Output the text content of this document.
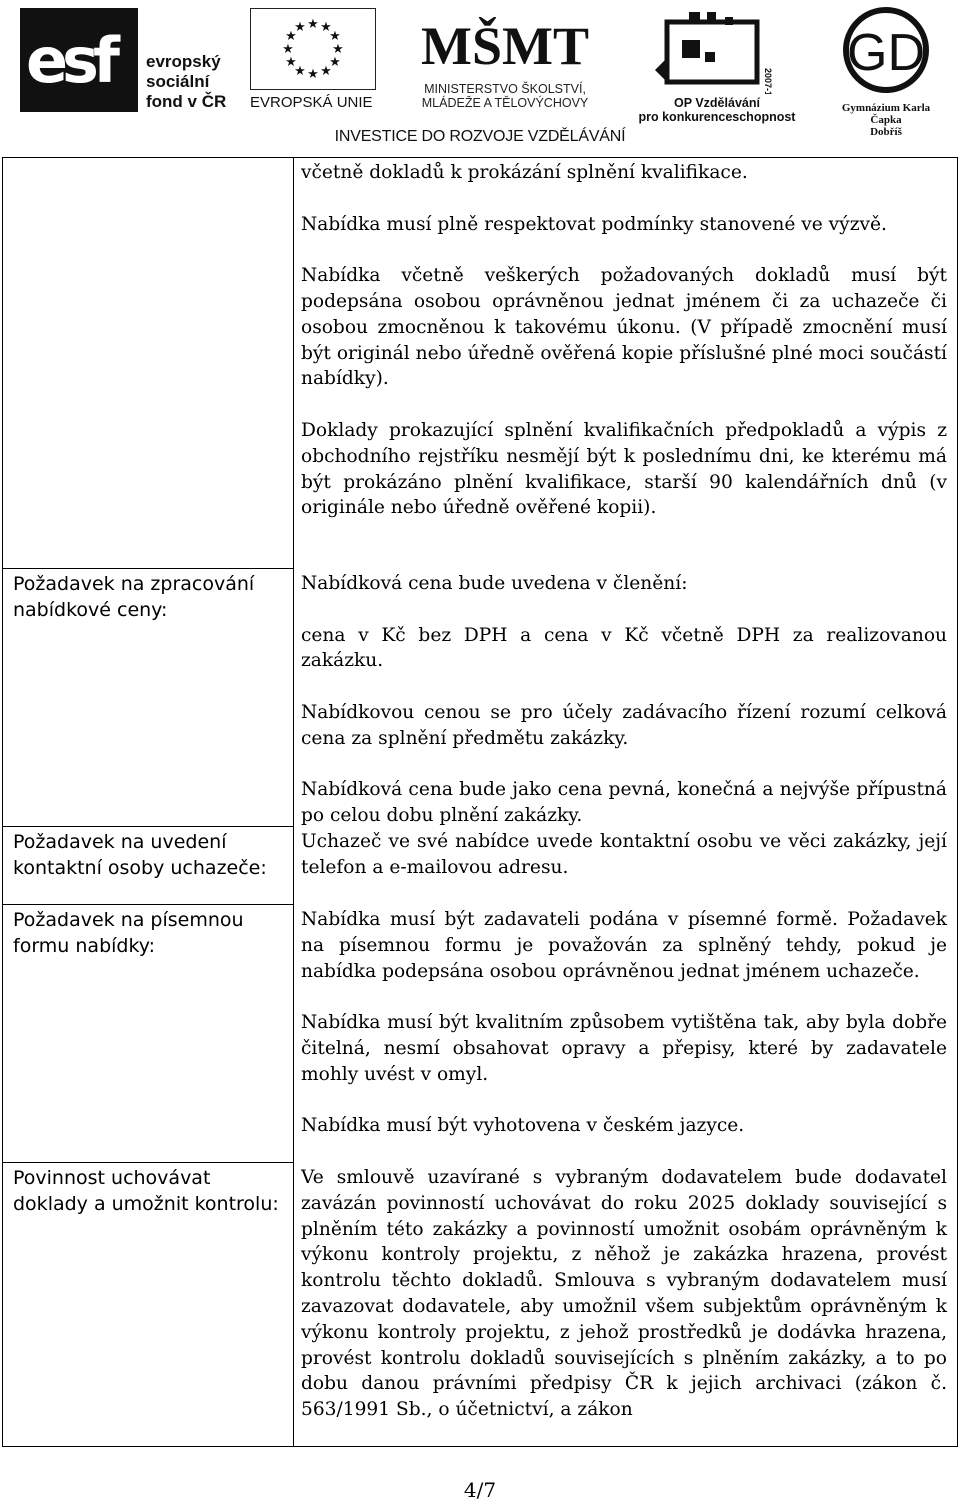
esf evropský
sociální
fond v ČR
★ ★
★
★
★
★
★
★
★
★
★
★
EVROPSKÁ UNIE
MŠMT
MINISTERSTVO ŠKOLSTVÍ,
MLÁDEŽE A TĚLOVÝCHOVY
2007-13
OP Vzdělávání
pro konkurenceschopnost
GD
Gymnázium Karla Čapka
Dobříš
INVESTICE DO ROZVOJE VZDĚLÁVÁNÍ

včetně dokladů k prokázání splnění kvalifikace.

Nabídka musí plně respektovat podmínky stanovené ve výzvě.

Nabídka včetně veškerých požadovaných dokladů musí být podepsána osobou oprávněnou jednat jménem či za uchazeče či osobou zmocněnou k takovému úkonu. (V případě zmocnění musí být originál nebo úředně ověřená kopie příslušné plné moci součástí nabídky).

Doklady prokazující splnění kvalifikačních předpokladů a výpis z obchodního rejstříku nesmějí být k poslednímu dni, ke kterému má být prokázáno plnění kvalifikace, starší 90 kalendářních dnů (v originále nebo úředně ověřené kopii).

Požadavek na zpracování nabídkové ceny:

Nabídková cena bude uvedena v členění:

cena v Kč bez DPH a cena v Kč včetně DPH za realizovanou zakázku.

Nabídkovou cenou se pro účely zadávacího řízení rozumí celková cena za splnění předmětu zakázky.

Nabídková cena bude jako cena pevná, konečná a nejvýše přípustná po celou dobu plnění zakázky.

Požadavek na uvedení kontaktní osoby uchazeče:

Uchazeč ve své nabídce uvede kontaktní osobu ve věci zakázky, její telefon a e-mailovou adresu.

Požadavek na písemnou formu nabídky:

Nabídka musí být zadavateli podána v písemné formě. Požadavek na písemnou formu je považován za splněný tehdy, pokud je nabídka podepsána osobou oprávněnou jednat jménem uchazeče.

Nabídka musí být kvalitním způsobem vytištěna tak, aby byla dobře čitelná, nesmí obsahovat opravy a přepisy, které by zadavatele mohly uvést v omyl.

Nabídka musí být vyhotovena v českém jazyce.

Povinnost uchovávat doklady a umožnit kontrolu:

Ve smlouvě uzavírané s vybraným dodavatelem bude dodavatel zavázán povinností uchovávat do roku 2025 doklady související s plněním této zakázky a povinností umožnit osobám oprávněným k výkonu kontroly projektu, z něhož je zakázka hrazena, provést kontrolu těchto dokladů. Smlouva s vybraným dodavatelem musí zavazovat dodavatele, aby umožnil všem subjektům oprávněným k výkonu kontroly projektu, z jehož prostředků je dodávka hrazena, provést kontrolu dokladů souvisejících s plněním zakázky, a to po dobu danou právními předpisy ČR k jejich archivaci (zákon č. 563/1991 Sb., o účetnictví, a zákon

4/7
